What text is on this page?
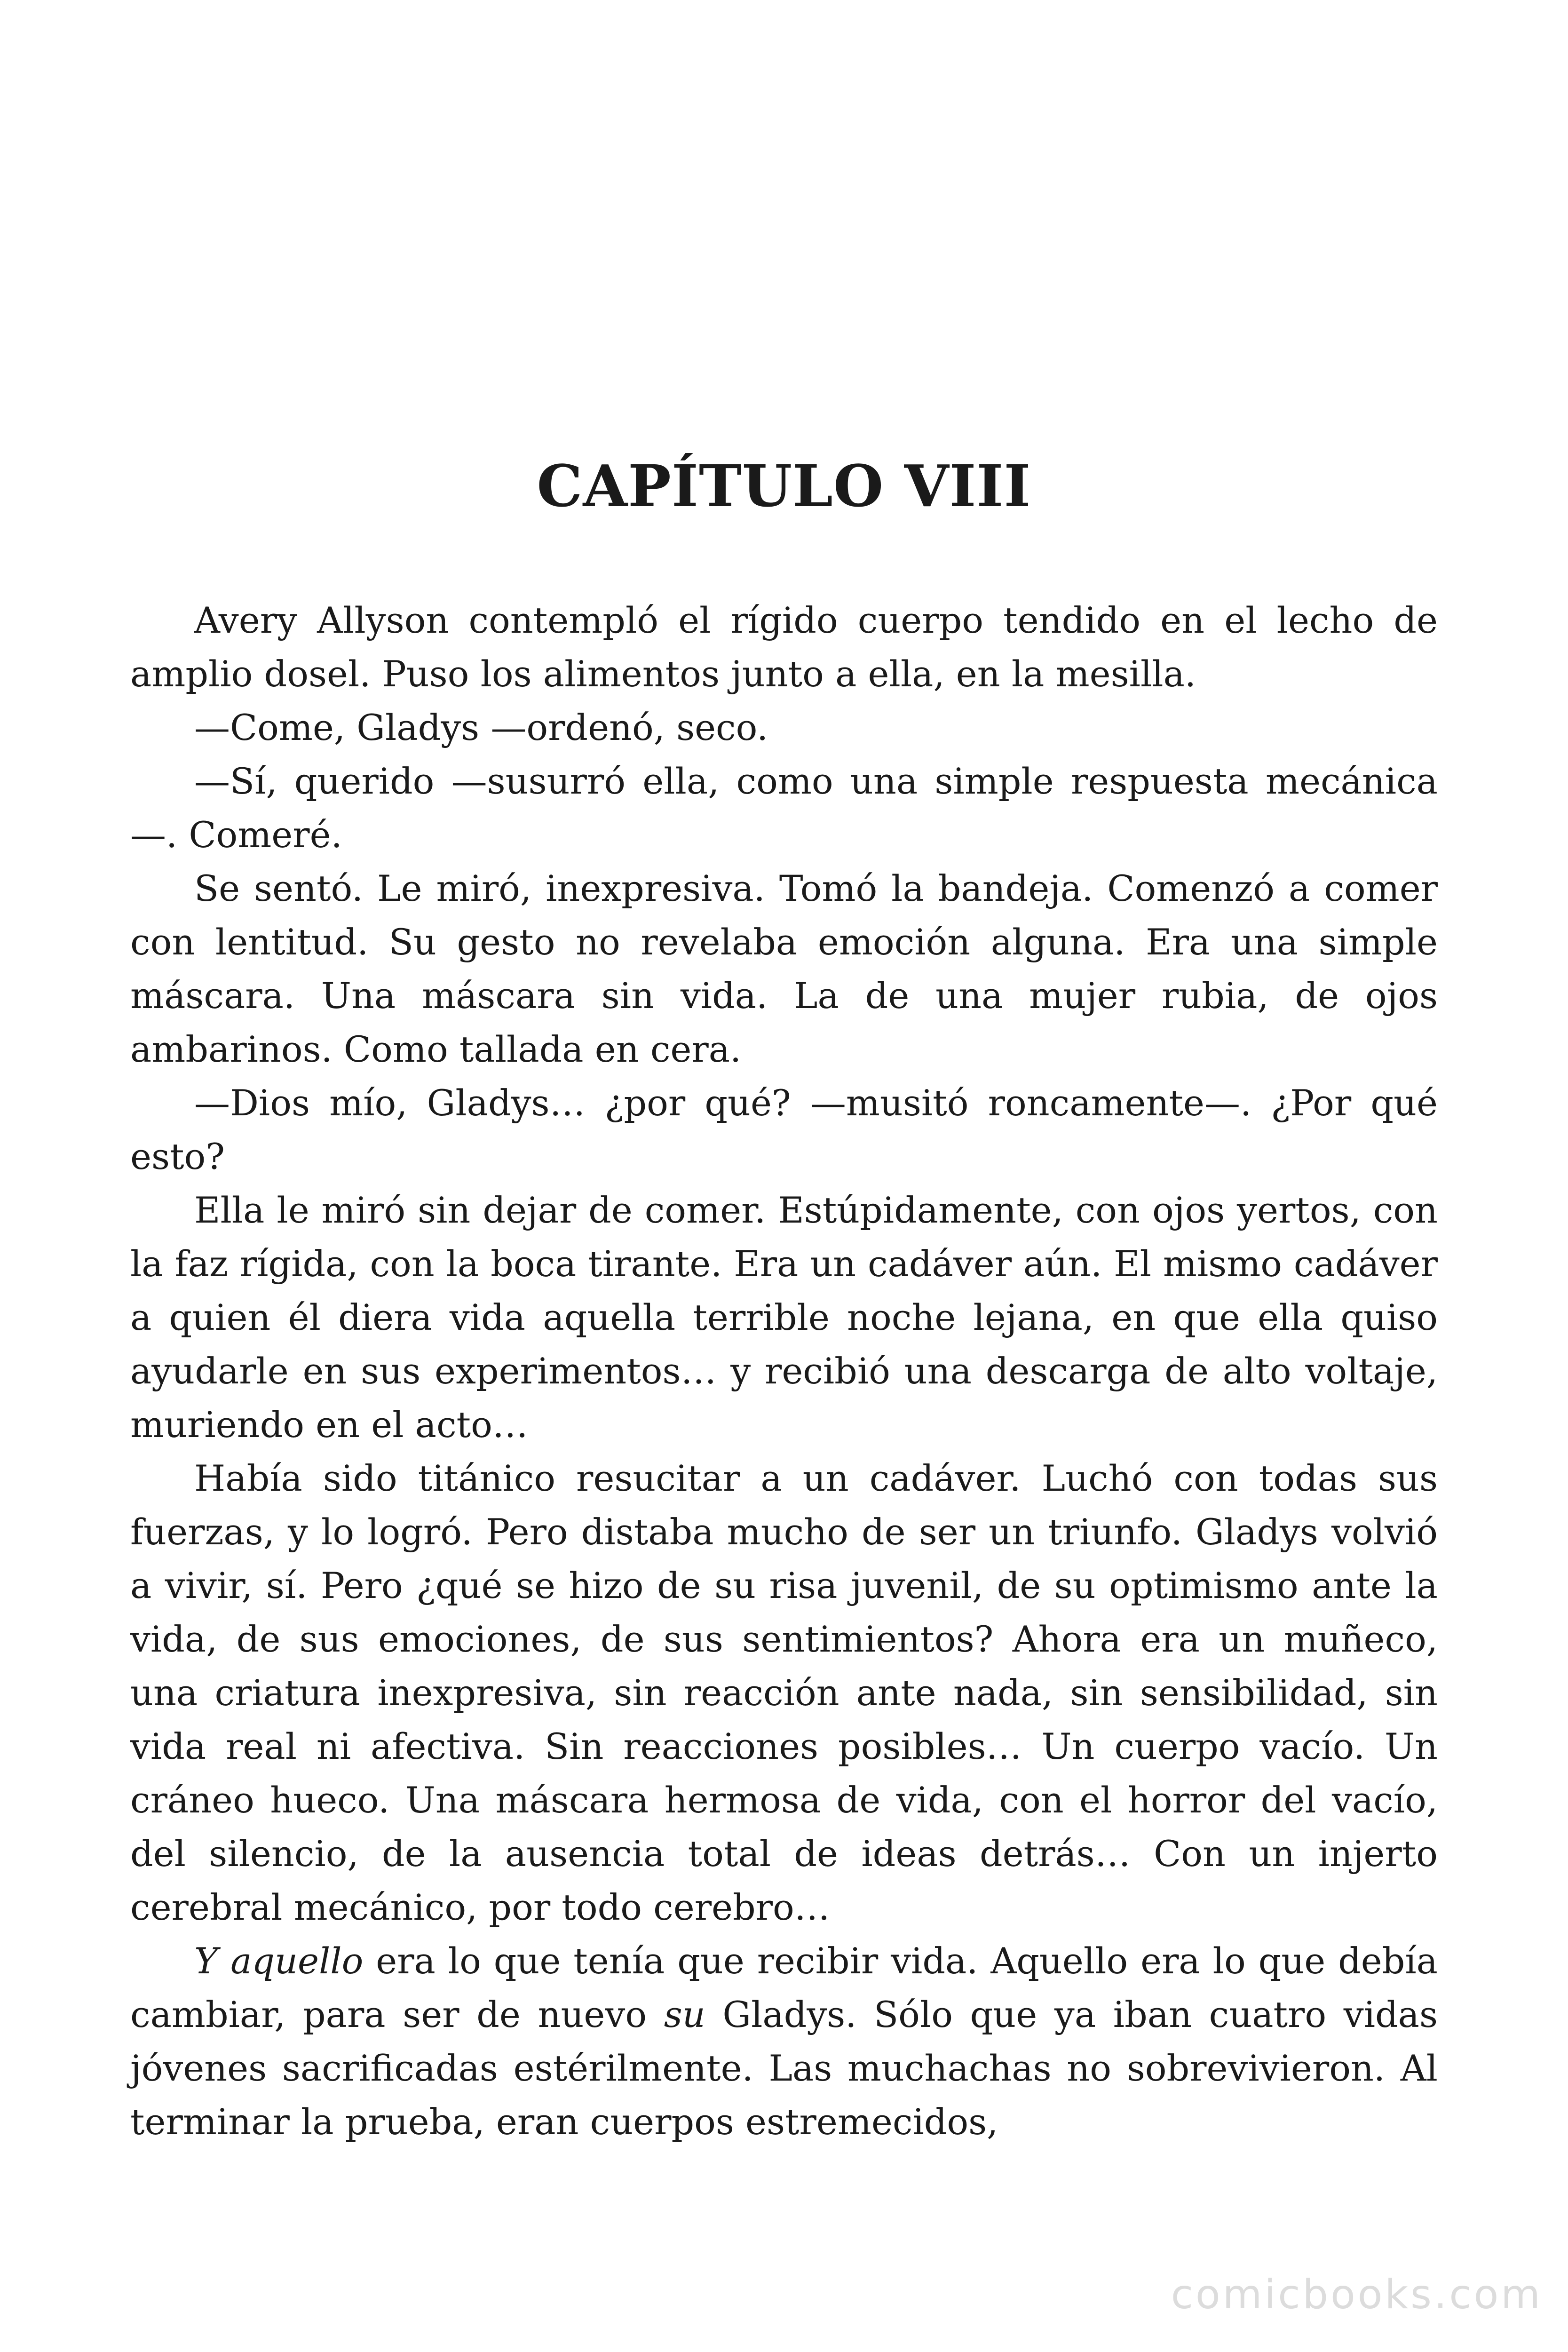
CAPÍTULO VIII

Avery Allyson contempló el rígido cuerpo tendido en el lecho de amplio dosel. Puso los alimentos junto a ella, en la mesilla.

—Come, Gladys —ordenó, seco.

—Sí, querido —susurró ella, como una simple respuesta mecánica—. Comeré.

Se sentó. Le miró, inexpresiva. Tomó la bandeja. Comenzó a comer con lentitud. Su gesto no revelaba emoción alguna. Era una simple máscara. Una máscara sin vida. La de una mujer rubia, de ojos ambarinos. Como tallada en cera.

—Dios mío, Gladys… ¿por qué? —musitó roncamente—. ¿Por qué esto?

Ella le miró sin dejar de comer. Estúpidamente, con ojos yertos, con la faz rígida, con la boca tirante. Era un cadáver aún. El mismo cadáver a quien él diera vida aquella terrible noche lejana, en que ella quiso ayudarle en sus experimentos… y recibió una descarga de alto voltaje, muriendo en el acto…

Había sido titánico resucitar a un cadáver. Luchó con todas sus fuerzas, y lo logró. Pero distaba mucho de ser un triunfo. Gladys volvió a vivir, sí. Pero ¿qué se hizo de su risa juvenil, de su optimismo ante la vida, de sus emociones, de sus sentimientos? Ahora era un muñeco, una criatura inexpresiva, sin reacción ante nada, sin sensibilidad, sin vida real ni afectiva. Sin reacciones posibles… Un cuerpo vacío. Un cráneo hueco. Una máscara hermosa de vida, con el horror del vacío, del silencio, de la ausencia total de ideas detrás… Con un injerto cerebral mecánico, por todo cerebro…

Y aquello era lo que tenía que recibir vida. Aquello era lo que debía cambiar, para ser de nuevo su Gladys. Sólo que ya iban cuatro vidas jóvenes sacrificadas estérilmente. Las muchachas no sobrevivieron. Al terminar la prueba, eran cuerpos estremecidos,

comicbooks.com
